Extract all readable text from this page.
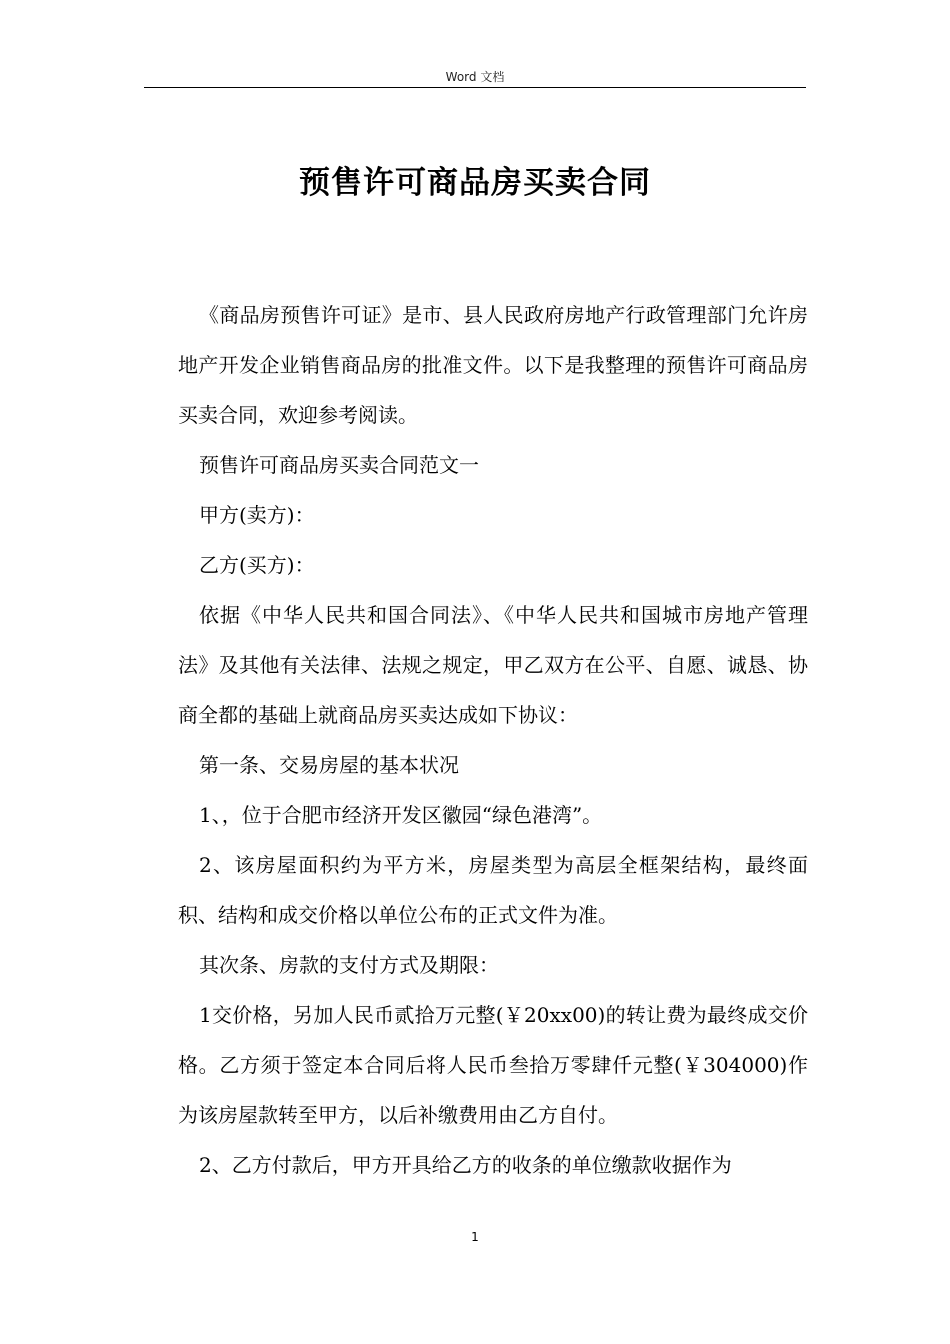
Word 文档
预售许可商品房买卖合同

《商品房预售许可证》是市、县人民政府房地产行政管理部门允许房地产开发企业销售商品房的批准文件。以下是我整理的预售许可商品房买卖合同，欢迎参考阅读。

预售许可商品房买卖合同范文一

甲方(卖方)：

乙方(买方)：

依据《中华人民共和国合同法》、《中华人民共和国城市房地产管理法》及其他有关法律、法规之规定，甲乙双方在公平、自愿、诚恳、协商全都的基础上就商品房买卖达成如下协议：

第一条、交易房屋的基本状况

1、，位于合肥市经济开发区徽园“绿色港湾”。

2、该房屋面积约为平方米，房屋类型为高层全框架结构，最终面积、结构和成交价格以单位公布的正式文件为准。

其次条、房款的支付方式及期限：

1交价格，另加人民币贰拾万元整(￥20xx00)的转让费为最终成交价格。乙方须于签定本合同后将人民币叁拾万零肆仟元整(￥304000)作为该房屋款转至甲方，以后补缴费用由乙方自付。

2、乙方付款后，甲方开具给乙方的收条的单位缴款收据作为

1
